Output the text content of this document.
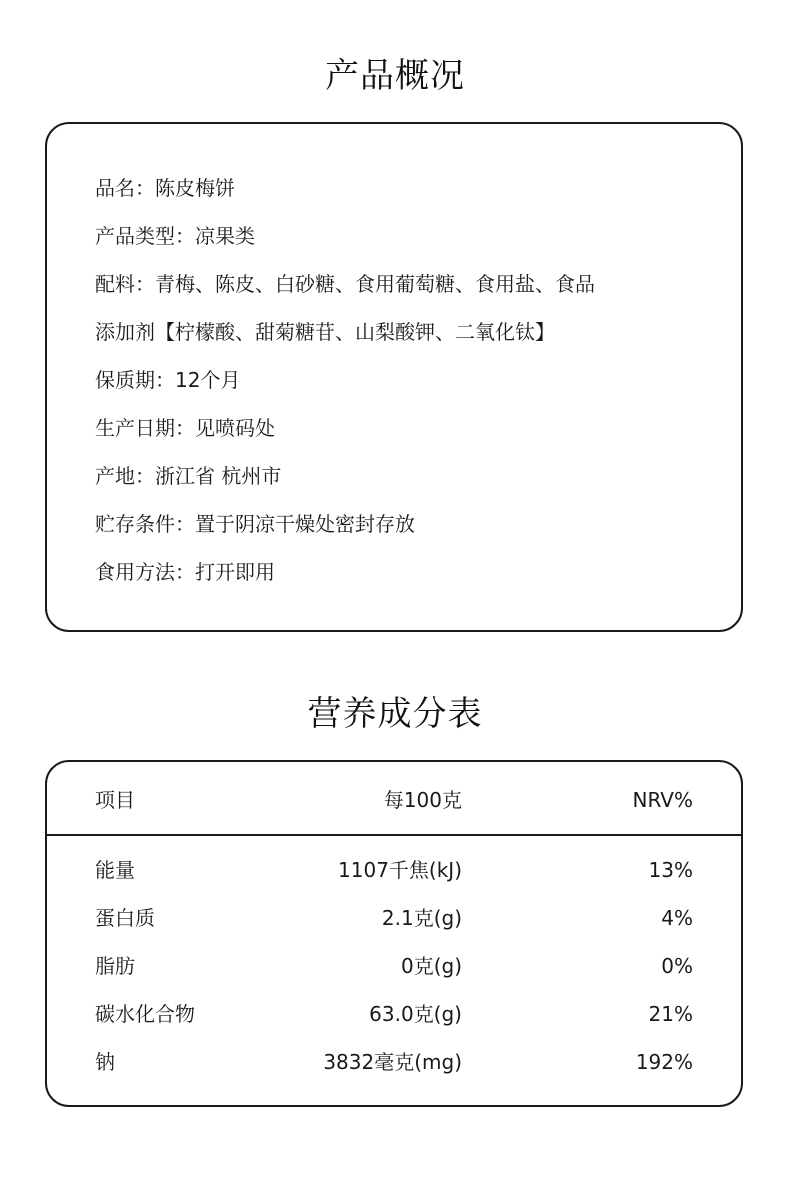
产品概况
品名：陈皮梅饼
产品类型：凉果类
配料：青梅、陈皮、白砂糖、食用葡萄糖、食用盐、食品
添加剂【柠檬酸、甜菊糖苷、山梨酸钾、二氧化钛】
保质期：12个月
生产日期：见喷码处
产地：浙江省 杭州市
贮存条件：置于阴凉干燥处密封存放
食用方法：打开即用
营养成分表
项目	每100克	NRV%
能量	1107千焦(kJ)	13%
蛋白质	2.1克(g)	4%
脂肪	0克(g)	0%
碳水化合物	63.0克(g)	21%
钠	3832毫克(mg)	192%
